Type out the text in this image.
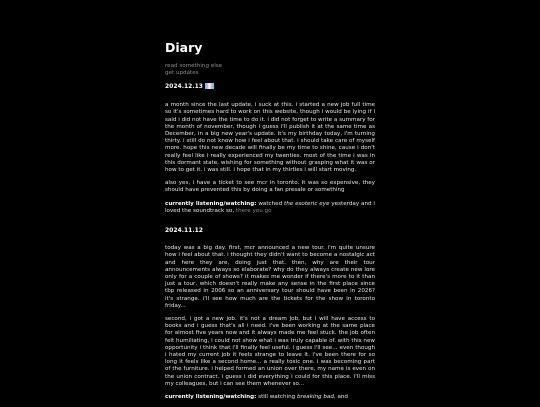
Diary
read something else
get updates
2024.12.13

a month since the last update, i suck at this. i started a new job full time so it's sometimes hard to work on this website, though i would be lying if i said i did not have the time to do it. i did not forget to write a summary for the month of november, though i guess i'll publish it at the same time as December, in a big new year's update. it's my birthday today, i'm turning thirty. i still do not know how i feel about that. i should take care of myself more. hope this new decade will finally be my time to shine, cause i don't really feel like i really experienced my twenties. most of the time i was in this dormant state, wishing for something without grasping what it was or how to get it. i was still. i hope that in my thirties i will start moving.

also yes, i have a ticket to see mcr in toronto. it was so expensive, they should have prevented this by doing a fan presale or something

currently listening/watching: watched the esoteric eye yesterday and i loved the soundtrack so, there you go

2024.11.12

today was a big day. first, mcr announced a new tour. i'm quite unsure how i feel about that. i thought they didn't want to become a nostalgic act and here they are, doing just that. then, why are their tour announcements always so elaborate? why do they always create new lore only for a couple of shows? it makes me wonder if there's more to it than just a tour, which doesn't really make any sense in the first place since tbp released in 2006 so an anniversary tour should have been in 2026? it's strange. i'll see how much are the tickets for the show in toronto friday...

second, i got a new job. it's not a dream job, but i will have access to books and i guess that's all i need. i've been working at the same place for almost five years now and it always made me feel stuck. the job often felt humiliating, i could not show what i was truly capable of. with this new opportunity i think that i'll finally feel useful. i guess i'll see... even though i hated my current job it feels strange to leave it. i've been there for so long it feels like a second home... a really toxic one. i was becoming part of the furniture. i helped formed an union over there, my name is even on the union contract. i guess i did everything i could for this place. i'll miss my colleagues, but i can see them whenever so...

currently listening/watching: still watching breaking bad, and
